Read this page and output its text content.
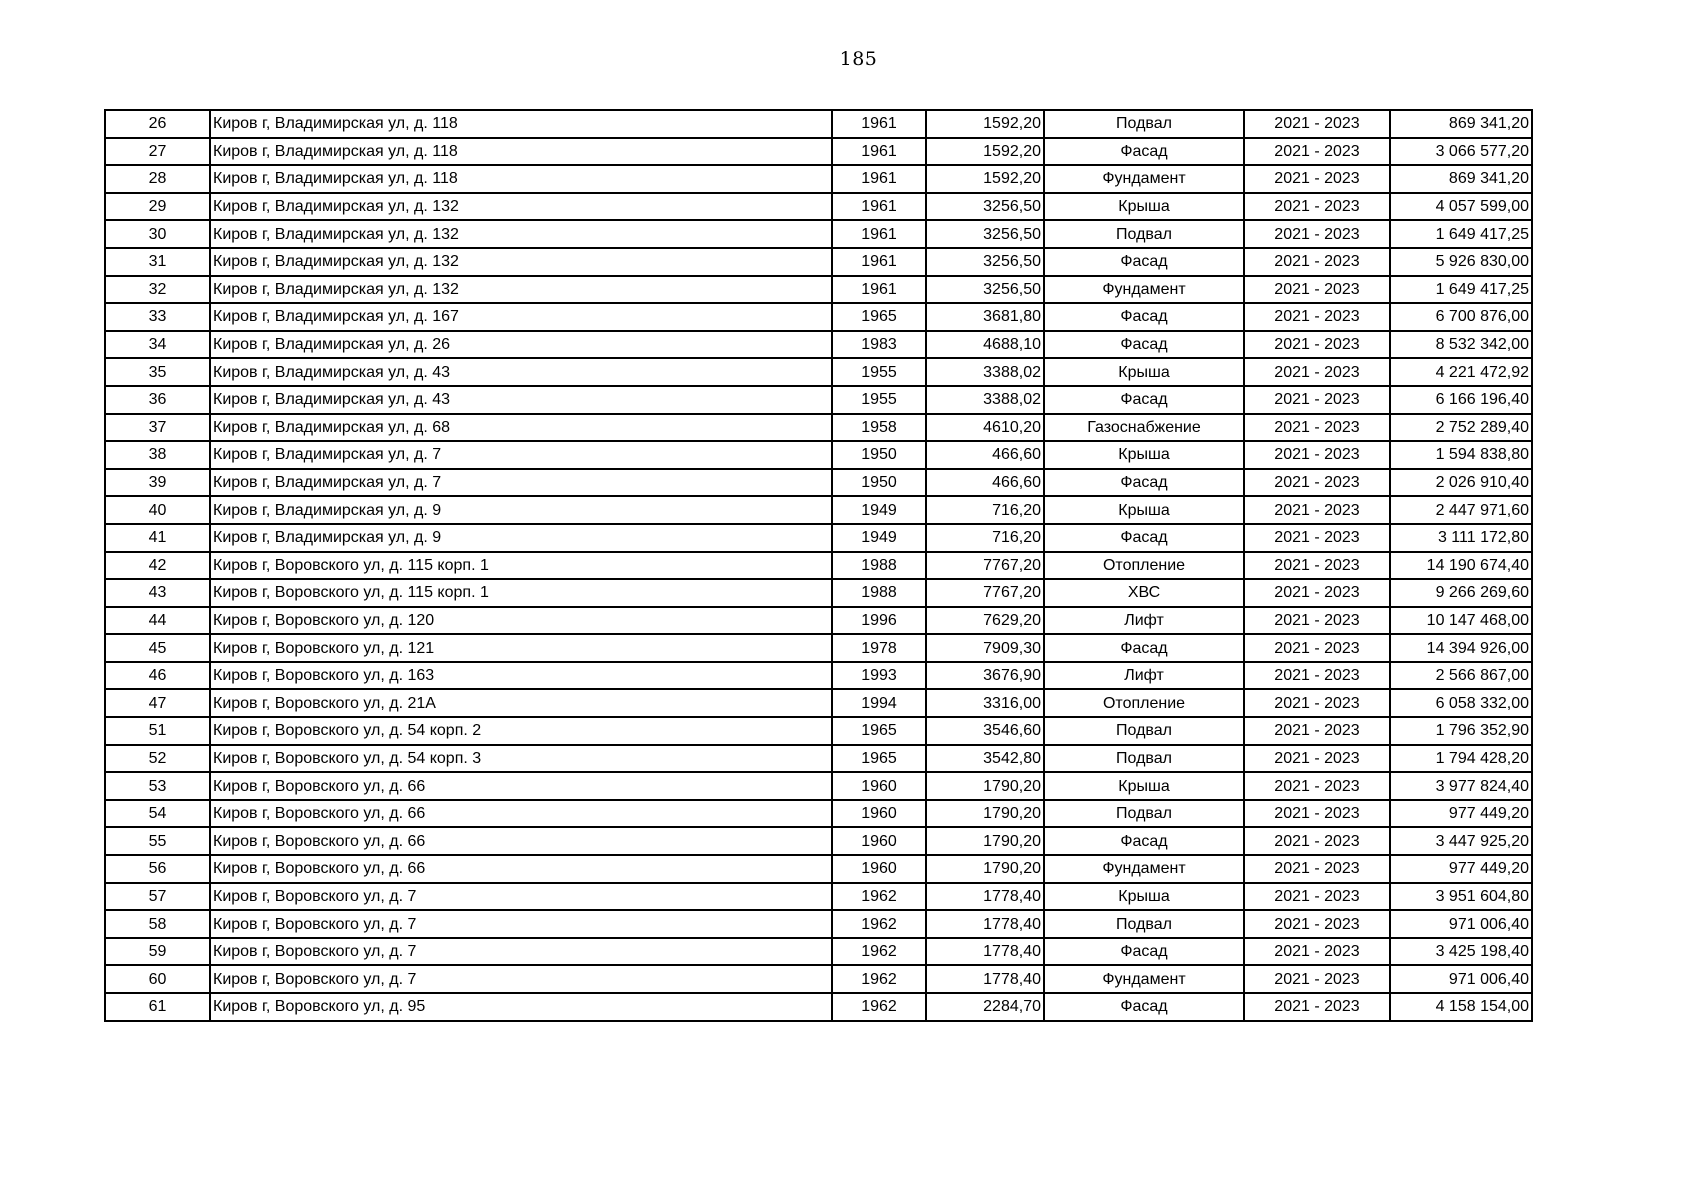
185
26	Киров г, Владимирская ул, д. 118	1961	1592,20	Подвал	2021 - 2023	869 341,20
27	Киров г, Владимирская ул, д. 118	1961	1592,20	Фасад	2021 - 2023	3 066 577,20
28	Киров г, Владимирская ул, д. 118	1961	1592,20	Фундамент	2021 - 2023	869 341,20
29	Киров г, Владимирская ул, д. 132	1961	3256,50	Крыша	2021 - 2023	4 057 599,00
30	Киров г, Владимирская ул, д. 132	1961	3256,50	Подвал	2021 - 2023	1 649 417,25
31	Киров г, Владимирская ул, д. 132	1961	3256,50	Фасад	2021 - 2023	5 926 830,00
32	Киров г, Владимирская ул, д. 132	1961	3256,50	Фундамент	2021 - 2023	1 649 417,25
33	Киров г, Владимирская ул, д. 167	1965	3681,80	Фасад	2021 - 2023	6 700 876,00
34	Киров г, Владимирская ул, д. 26	1983	4688,10	Фасад	2021 - 2023	8 532 342,00
35	Киров г, Владимирская ул, д. 43	1955	3388,02	Крыша	2021 - 2023	4 221 472,92
36	Киров г, Владимирская ул, д. 43	1955	3388,02	Фасад	2021 - 2023	6 166 196,40
37	Киров г, Владимирская ул, д. 68	1958	4610,20	Газоснабжение	2021 - 2023	2 752 289,40
38	Киров г, Владимирская ул, д. 7	1950	466,60	Крыша	2021 - 2023	1 594 838,80
39	Киров г, Владимирская ул, д. 7	1950	466,60	Фасад	2021 - 2023	2 026 910,40
40	Киров г, Владимирская ул, д. 9	1949	716,20	Крыша	2021 - 2023	2 447 971,60
41	Киров г, Владимирская ул, д. 9	1949	716,20	Фасад	2021 - 2023	3 111 172,80
42	Киров г, Воровского ул, д. 115 корп. 1	1988	7767,20	Отопление	2021 - 2023	14 190 674,40
43	Киров г, Воровского ул, д. 115 корп. 1	1988	7767,20	ХВС	2021 - 2023	9 266 269,60
44	Киров г, Воровского ул, д. 120	1996	7629,20	Лифт	2021 - 2023	10 147 468,00
45	Киров г, Воровского ул, д. 121	1978	7909,30	Фасад	2021 - 2023	14 394 926,00
46	Киров г, Воровского ул, д. 163	1993	3676,90	Лифт	2021 - 2023	2 566 867,00
47	Киров г, Воровского ул, д. 21А	1994	3316,00	Отопление	2021 - 2023	6 058 332,00
51	Киров г, Воровского ул, д. 54 корп. 2	1965	3546,60	Подвал	2021 - 2023	1 796 352,90
52	Киров г, Воровского ул, д. 54 корп. 3	1965	3542,80	Подвал	2021 - 2023	1 794 428,20
53	Киров г, Воровского ул, д. 66	1960	1790,20	Крыша	2021 - 2023	3 977 824,40
54	Киров г, Воровского ул, д. 66	1960	1790,20	Подвал	2021 - 2023	977 449,20
55	Киров г, Воровского ул, д. 66	1960	1790,20	Фасад	2021 - 2023	3 447 925,20
56	Киров г, Воровского ул, д. 66	1960	1790,20	Фундамент	2021 - 2023	977 449,20
57	Киров г, Воровского ул, д. 7	1962	1778,40	Крыша	2021 - 2023	3 951 604,80
58	Киров г, Воровского ул, д. 7	1962	1778,40	Подвал	2021 - 2023	971 006,40
59	Киров г, Воровского ул, д. 7	1962	1778,40	Фасад	2021 - 2023	3 425 198,40
60	Киров г, Воровского ул, д. 7	1962	1778,40	Фундамент	2021 - 2023	971 006,40
61	Киров г, Воровского ул, д. 95	1962	2284,70	Фасад	2021 - 2023	4 158 154,00
